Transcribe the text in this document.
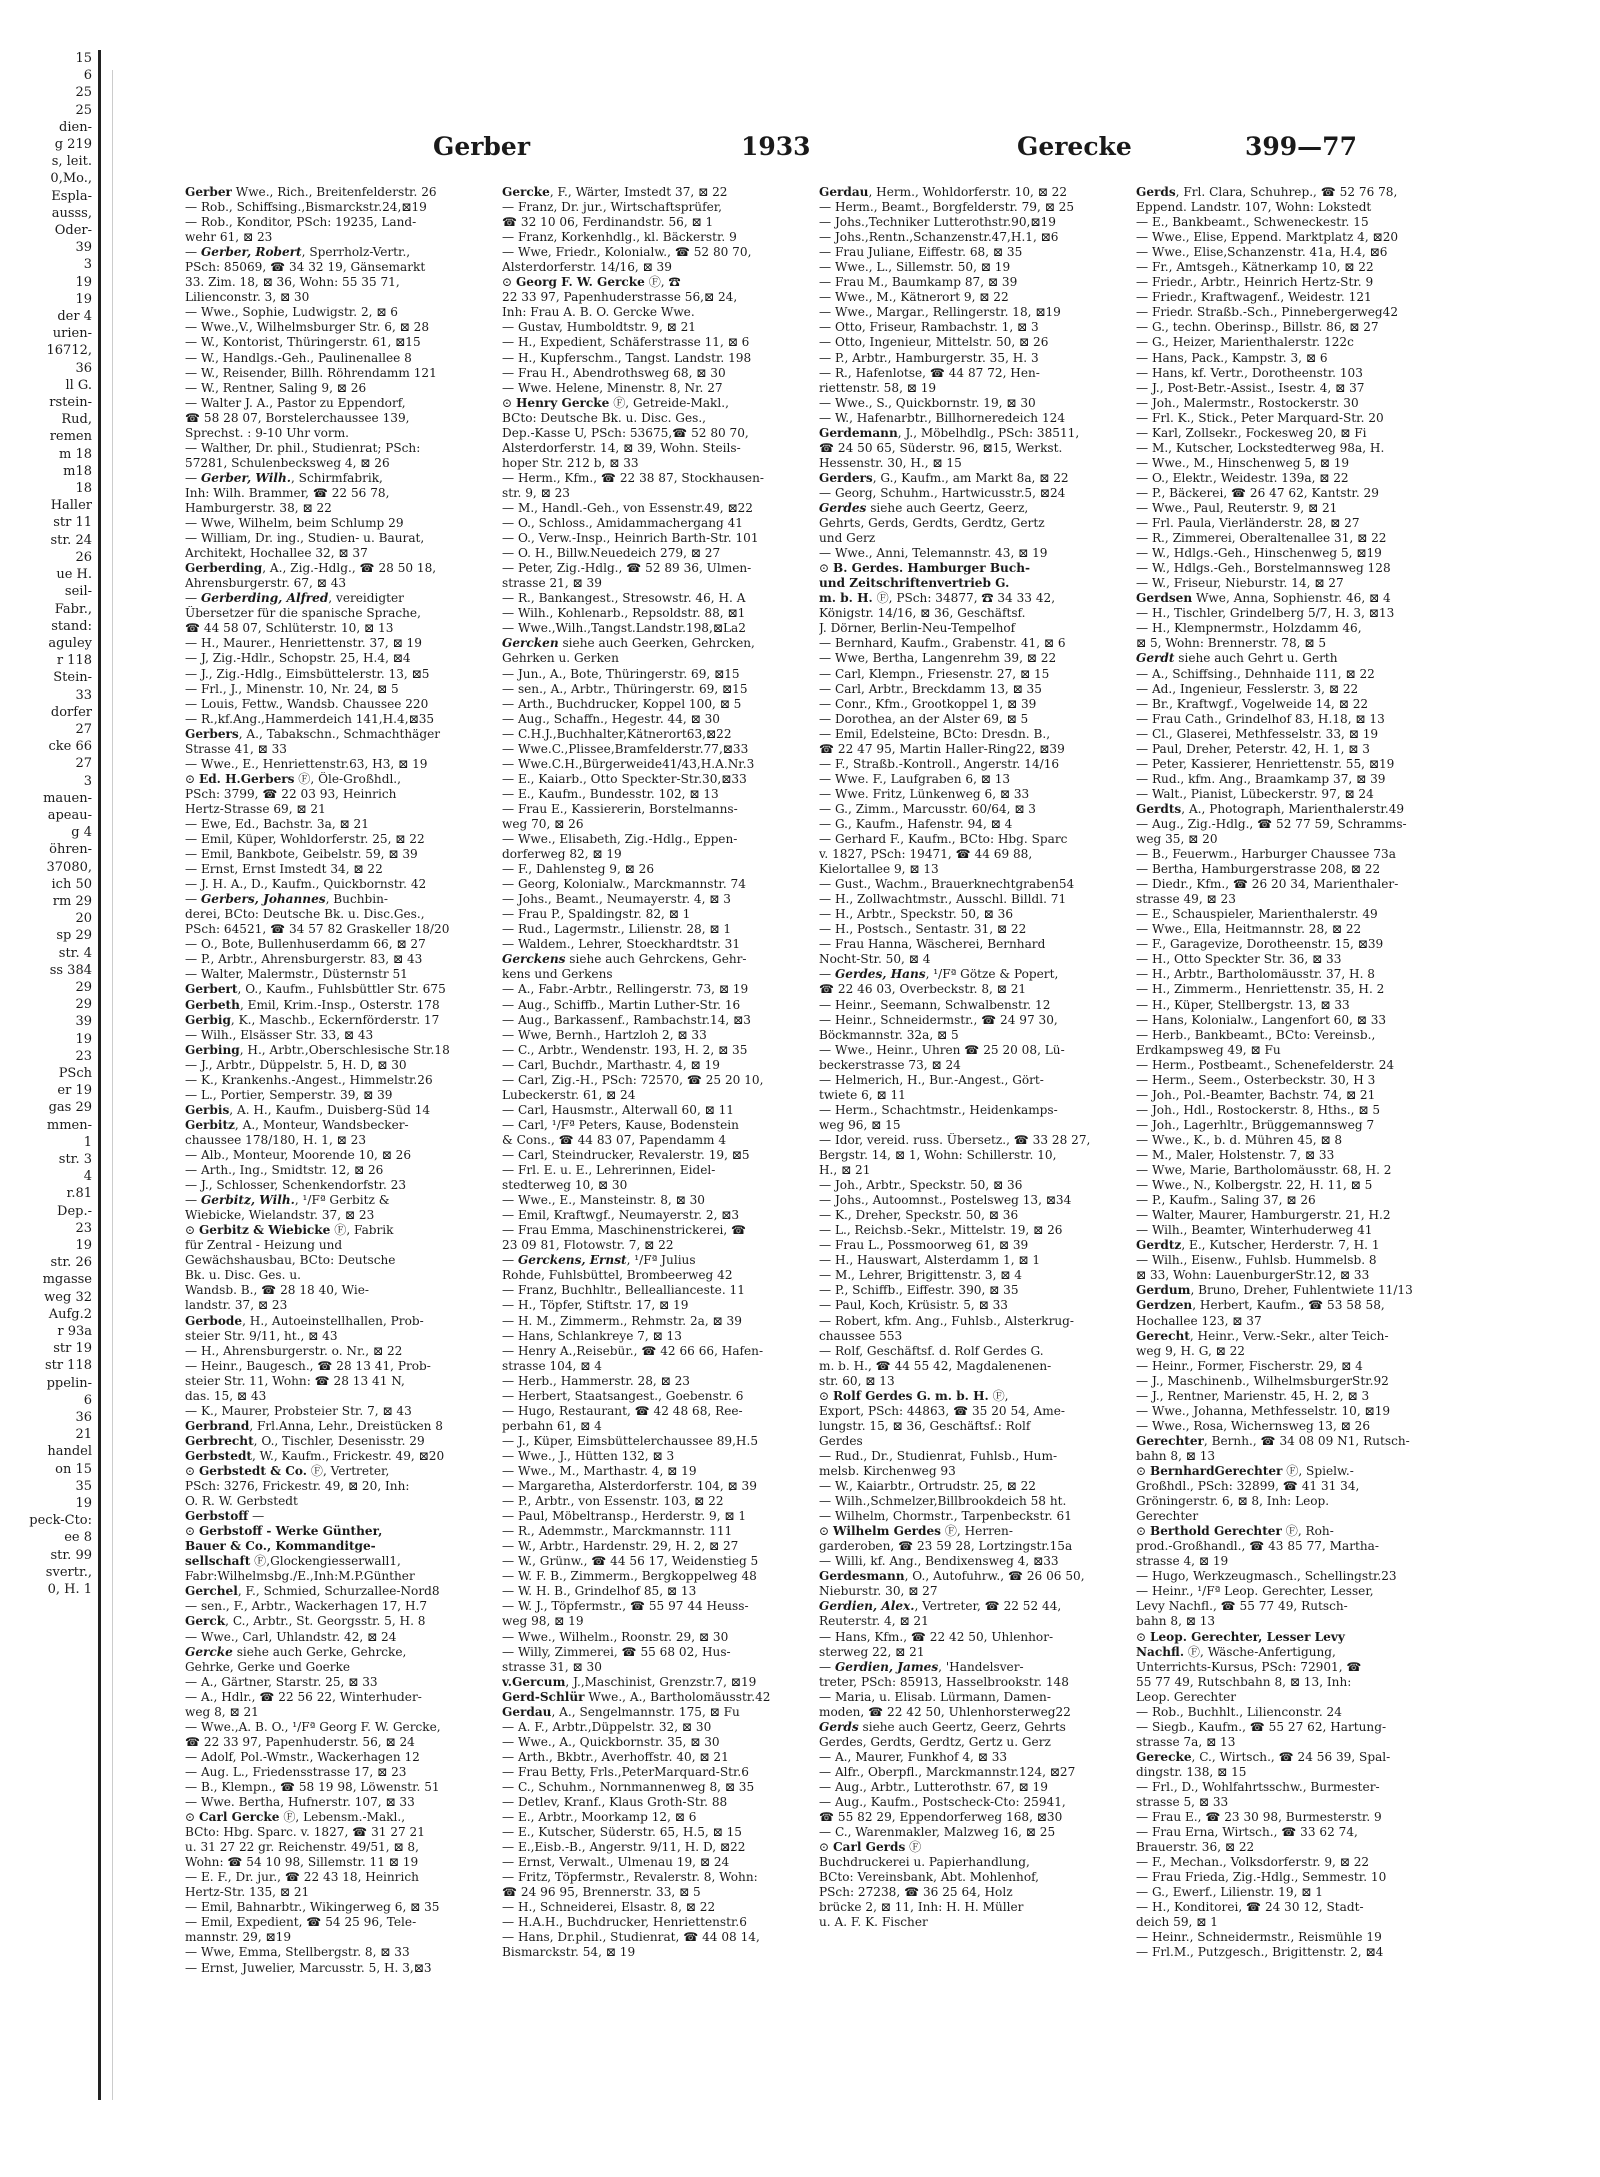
15
6
25
25
dien-
g 219
s, leit.
0,Mo.,
Espla-
ausss,
Oder-
39
3
19
19
der 4
urien-
16712,
36
ll G.
rstein-
Rud,
remen
m 18
m18
18
Haller
str 11
str. 24
26
ue H.
seil-
Fabr.,
stand:
aguley
r 118
Stein-
33
dorfer
27
cke 66
27
3
mauen-
apeau-
g 4
öhren-
37080,
ich 50
rm 29
20
sp 29
str. 4
ss 384
29
29
39
19
23
PSch
er 19
gas 29
mmen-
1
str. 3
4
r.81
Dep.-
23
19
str. 26
mgasse
weg 32
Aufg.2
r 93a
str 19
str 118
ppelin-
6
36
21
handel
on 15
35
19
peck-Cto:
ee 8
str. 99
svertr.,
0, H. 1
Gerber	1933	Gerecke	399—77
Gerber Wwe., Rich., Breitenfelderstr. 26
— Rob., Schiffsing.,Bismarckstr.24,⊠19
— Rob., Konditor, PSch: 19235, Land-
wehr 61, ⊠ 23
— Gerber, Robert, Sperrholz-Vertr.,
PSch: 85069, ☎ 34 32 19, Gänsemarkt
33. Zim. 18, ⊠ 36, Wohn: 55 35 71,
Lilienconstr. 3, ⊠ 30
— Wwe., Sophie, Ludwigstr. 2, ⊠ 6
— Wwe.,V., Wilhelmsburger Str. 6, ⊠ 28
— W., Kontorist, Thüringerstr. 61, ⊠15
— W., Handlgs.-Geh., Paulinenallee 8
— W., Reisender, Billh. Röhrendamm 121
— W., Rentner, Saling 9, ⊠ 26
— Walter J. A., Pastor zu Eppendorf,
☎ 58 28 07, Borstelerchaussee 139,
Sprechst. : 9-10 Uhr vorm.
— Walther, Dr. phil., Studienrat; PSch:
57281, Schulenbecksweg 4, ⊠ 26
— Gerber, Wilh., Schirmfabrik,
Inh: Wilh. Brammer, ☎ 22 56 78,
Hamburgerstr. 38, ⊠ 22
— Wwe, Wilhelm, beim Schlump 29
— William, Dr. ing., Studien- u. Baurat,
Architekt, Hochallee 32, ⊠ 37
Gerberding, A., Zig.-Hdlg., ☎ 28 50 18,
Ahrensburgerstr. 67, ⊠ 43
— Gerberding, Alfred, vereidigter
Übersetzer für die spanische Sprache,
☎ 44 58 07, Schlüterstr. 10, ⊠ 13
— H., Maurer., Henriettenstr. 37, ⊠ 19
— J, Zig.-Hdlr., Schopstr. 25, H.4, ⊠4
— J., Zig.-Hdlg., Eimsbüttelerstr. 13, ⊠5
— Frl., J., Minenstr. 10, Nr. 24, ⊠ 5
— Louis, Fettw., Wandsb. Chaussee 220
— R.,kf.Ang.,Hammerdeich 141,H.4,⊠35
Gerbers, A., Tabakschn., Schmachthäger
Strasse 41, ⊠ 33
— Wwe., E., Henriettenstr.63, H3, ⊠ 19
⊙ Ed. H.Gerbers Ⓕ, Öle-Großhdl.,
PSch: 3799, ☎ 22 03 93, Heinrich
Hertz-Strasse 69, ⊠ 21
— Ewe, Ed., Bachstr. 3a, ⊠ 21
— Emil, Küper, Wohldorferstr. 25, ⊠ 22
— Emil, Bankbote, Geibelstr. 59, ⊠ 39
— Ernst, Ernst Imstedt 34, ⊠ 22
— J. H. A., D., Kaufm., Quickbornstr. 42
— Gerbers, Johannes, Buchbin-
derei, BCto: Deutsche Bk. u. Disc.Ges.,
PSch: 64521, ☎ 34 57 82 Graskeller 18/20
— O., Bote, Bullenhuserdamm 66, ⊠ 27
— P., Arbtr., Ahrensburgerstr. 83, ⊠ 43
— Walter, Malermstr., Düsternstr 51
Gerbert, O., Kaufm., Fuhlsbüttler Str. 675
Gerbeth, Emil, Krim.-Insp., Osterstr. 178
Gerbig, K., Maschb., Eckernförderstr. 17
— Wilh., Elsässer Str. 33, ⊠ 43
Gerbing, H., Arbtr.,Oberschlesische Str.18
— J., Arbtr., Düppelstr. 5, H. D, ⊠ 30
— K., Krankenhs.-Angest., Himmelstr.26
— L., Portier, Semperstr. 39, ⊠ 39
Gerbis, A. H., Kaufm., Duisberg-Süd 14
Gerbitz, A., Monteur, Wandsbecker-
chaussee 178/180, H. 1, ⊠ 23
— Alb., Monteur, Moorende 10, ⊠ 26
— Arth., Ing., Smidtstr. 12, ⊠ 26
— J., Schlosser, Schenkendorfstr. 23
— Gerbitz, Wilh., ¹/Fª Gerbitz &
Wiebicke, Wielandstr. 37, ⊠ 23
⊙ Gerbitz & Wiebicke Ⓕ, Fabrik
für Zentral - Heizung und
Gewächshausbau, BCto: Deutsche
Bk. u. Disc. Ges. u.
Wandsb. B., ☎ 28 18 40, Wie-
landstr. 37, ⊠ 23
Gerbode, H., Autoeinstellhallen, Prob-
steier Str. 9/11, ht., ⊠ 43
— H., Ahrensburgerstr. o. Nr., ⊠ 22
— Heinr., Baugesch., ☎ 28 13 41, Prob-
steier Str. 11, Wohn: ☎ 28 13 41 N,
das. 15, ⊠ 43
— K., Maurer, Probsteier Str. 7, ⊠ 43
Gerbrand, Frl.Anna, Lehr., Dreistücken 8
Gerbrecht, O., Tischler, Desenisstr. 29
Gerbstedt, W., Kaufm., Frickestr. 49, ⊠20
⊙ Gerbstedt & Co. Ⓕ, Vertreter,
PSch: 3276, Frickestr. 49, ⊠ 20, Inh:
O. R. W. Gerbstedt
Gerbstoff —
⊙ Gerbstoff - Werke Günther,
Bauer & Co., Kommanditge-
sellschaft Ⓕ,Glockengiesserwall1,
Fabr:Wilhelmsbg./E.,Inh:M.P.Günther
Gerchel, F., Schmied, Schurzallee-Nord8
— sen., F., Arbtr., Wackerhagen 17, H.7
Gerck, C., Arbtr., St. Georgsstr. 5, H. 8
— Wwe., Carl, Uhlandstr. 42, ⊠ 24
Gercke siehe auch Gerke, Gehrcke,
Gehrke, Gerke und Goerke
— A., Gärtner, Starstr. 25, ⊠ 33
— A., Hdlr., ☎ 22 56 22, Winterhuder-
weg 8, ⊠ 21
— Wwe.,A. B. O., ¹/Fª Georg F. W. Gercke,
☎ 22 33 97, Papenhuderstr. 56, ⊠ 24
— Adolf, Pol.-Wmstr., Wackerhagen 12
— Aug. L., Friedensstrasse 17, ⊠ 23
— B., Klempn., ☎ 58 19 98, Löwenstr. 51
— Wwe. Bertha, Hufnerstr. 107, ⊠ 33
⊙ Carl Gercke Ⓕ, Lebensm.-Makl.,
BCto: Hbg. Sparc. v. 1827, ☎ 31 27 21
u. 31 27 22 gr. Reichenstr. 49/51, ⊠ 8,
Wohn: ☎ 54 10 98, Sillemstr. 11 ⊠ 19
— E. F., Dr. jur., ☎ 22 43 18, Heinrich
Hertz-Str. 135, ⊠ 21
— Emil, Bahnarbtr., Wikingerweg 6, ⊠ 35
— Emil, Expedient, ☎ 54 25 96, Tele-
mannstr. 29, ⊠19
— Wwe, Emma, Stellbergstr. 8, ⊠ 33
— Ernst, Juwelier, Marcusstr. 5, H. 3,⊠3
Gercke, F., Wärter, Imstedt 37, ⊠ 22
— Franz, Dr. jur., Wirtschaftsprüfer,
☎ 32 10 06, Ferdinandstr. 56, ⊠ 1
— Franz, Korkenhdlg., kl. Bäckerstr. 9
— Wwe, Friedr., Kolonialw., ☎ 52 80 70,
Alsterdorferstr. 14/16, ⊠ 39
⊙ Georg F. W. Gercke Ⓕ, ☎
22 33 97, Papenhuderstrasse 56,⊠ 24,
Inh: Frau A. B. O. Gercke Wwe.
— Gustav, Humboldtstr. 9, ⊠ 21
— H., Expedient, Schäferstrasse 11, ⊠ 6
— H., Kupferschm., Tangst. Landstr. 198
— Frau H., Abendrothsweg 68, ⊠ 30
— Wwe. Helene, Minenstr. 8, Nr. 27
⊙ Henry Gercke Ⓕ, Getreide-Makl.,
BCto: Deutsche Bk. u. Disc. Ges.,
Dep.-Kasse U, PSch: 53675,☎ 52 80 70,
Alsterdorferstr. 14, ⊠ 39, Wohn. Steils-
hoper Str. 212 b, ⊠ 33
— Herm., Kfm., ☎ 22 38 87, Stockhausen-
str. 9, ⊠ 23
— M., Handl.-Geh., von Essenstr.49, ⊠22
— O., Schloss., Amidammachergang 41
— O., Verw.-Insp., Heinrich Barth-Str. 101
— O. H., Billw.Neuedeich 279, ⊠ 27
— Peter, Zig.-Hdlg., ☎ 52 89 36, Ulmen-
strasse 21, ⊠ 39
— R., Bankangest., Stresowstr. 46, H. A
— Wilh., Kohlenarb., Repsoldstr. 88, ⊠1
— Wwe.,Wilh.,Tangst.Landstr.198,⊠La2
Gercken siehe auch Geerken, Gehrcken,
Gehrken u. Gerken
— Jun., A., Bote, Thüringerstr. 69, ⊠15
— sen., A., Arbtr., Thüringerstr. 69, ⊠15
— Arth., Buchdrucker, Koppel 100, ⊠ 5
— Aug., Schaffn., Hegestr. 44, ⊠ 30
— C.H.J.,Buchhalter,Kätnerort63,⊠22
— Wwe.C.,Plissee,Bramfelderstr.77,⊠33
— Wwe.C.H.,Bürgerweide41/43,H.A.Nr.3
— E., Kaiarb., Otto Speckter-Str.30,⊠33
— E., Kaufm., Bundesstr. 102, ⊠ 13
— Frau E., Kassiererin, Borstelmanns-
weg 70, ⊠ 26
— Wwe., Elisabeth, Zig.-Hdlg., Eppen-
dorferweg 82, ⊠ 19
— F., Dahlensteg 9, ⊠ 26
— Georg, Kolonialw., Marckmannstr. 74
— Johs., Beamt., Neumayerstr. 4, ⊠ 3
— Frau P., Spaldingstr. 82, ⊠ 1
— Rud., Lagermstr., Lilienstr. 28, ⊠ 1
— Waldem., Lehrer, Stoeckhardtstr. 31
Gerckens siehe auch Gehrckens, Gehr-
kens und Gerkens
— A., Fabr.-Arbtr., Rellingerstr. 73, ⊠ 19
— Aug., Schiffb., Martin Luther-Str. 16
— Aug., Barkassenf., Rambachstr.14, ⊠3
— Wwe, Bernh., Hartzloh 2, ⊠ 33
— C., Arbtr., Wendenstr. 193, H. 2, ⊠ 35
— Carl, Buchdr., Marthastr. 4, ⊠ 19
— Carl, Zig.-H., PSch: 72570, ☎ 25 20 10,
Lubeckerstr. 61, ⊠ 24
— Carl, Hausmstr., Alterwall 60, ⊠ 11
— Carl, ¹/Fª Peters, Kause, Bodenstein
& Cons., ☎ 44 83 07, Papendamm 4
— Carl, Steindrucker, Revalerstr. 19, ⊠5
— Frl. E. u. E., Lehrerinnen, Eidel-
stedterweg 10, ⊠ 30
— Wwe., E., Mansteinstr. 8, ⊠ 30
— Emil, Kraftwgf., Neumayerstr. 2, ⊠3
— Frau Emma, Maschinenstrickerei, ☎
23 09 81, Flotowstr. 7, ⊠ 22
— Gerckens, Ernst, ¹/Fª Julius
Rohde, Fuhlsbüttel, Brombeerweg 42
— Franz, Buchhltr., Belleallianceste. 11
— H., Töpfer, Stiftstr. 17, ⊠ 19
— H. M., Zimmerm., Rehmstr. 2a, ⊠ 39
— Hans, Schlankreye 7, ⊠ 13
— Henry A.,Reisebür., ☎ 42 66 66, Hafen-
strasse 104, ⊠ 4
— Herb., Hammerstr. 28, ⊠ 23
— Herbert, Staatsangest., Goebenstr. 6
— Hugo, Restaurant, ☎ 42 48 68, Ree-
perbahn 61, ⊠ 4
— J., Küper, Eimsbüttelerchaussee 89,H.5
— Wwe., J., Hütten 132, ⊠ 3
— Wwe., M., Marthastr. 4, ⊠ 19
— Margaretha, Alsterdorferstr. 104, ⊠ 39
— P., Arbtr., von Essenstr. 103, ⊠ 22
— Paul, Möbeltransp., Herderstr. 9, ⊠ 1
— R., Ademmstr., Marckmannstr. 111
— W., Arbtr., Hardenstr. 29, H. 2, ⊠ 27
— W., Grünw., ☎ 44 56 17, Weidenstieg 5
— W. F. B., Zimmerm., Bergkoppelweg 48
— W. H. B., Grindelhof 85, ⊠ 13
— W. J., Töpfermstr., ☎ 55 97 44 Heuss-
weg 98, ⊠ 19
— Wwe., Wilhelm., Roonstr. 29, ⊠ 30
— Willy, Zimmerei, ☎ 55 68 02, Hus-
strasse 31, ⊠ 30
v.Gercum, J.,Maschinist, Grenzstr.7, ⊠19
Gerd-Schlür Wwe., A., Bartholomäusstr.42
Gerdau, A., Sengelmannstr. 175, ⊠ Fu
— A. F., Arbtr.,Düppelstr. 32, ⊠ 30
— Wwe., A., Quickbornstr. 35, ⊠ 30
— Arth., Bkbtr., Averhoffstr. 40, ⊠ 21
— Frau Betty, Frls.,PeterMarquard-Str.6
— C., Schuhm., Nornmannenweg 8, ⊠ 35
— Detlev, Kranf., Klaus Groth-Str. 88
— E., Arbtr., Moorkamp 12, ⊠ 6
— E., Kutscher, Süderstr. 65, H.5, ⊠ 15
— E.,Eisb.-B., Angerstr. 9/11, H. D, ⊠22
— Ernst, Verwalt., Ulmenau 19, ⊠ 24
— Fritz, Töpfermstr., Revalerstr. 8, Wohn:
☎ 24 96 95, Brennerstr. 33, ⊠ 5
— H., Schneiderei, Elsastr. 8, ⊠ 22
— H.A.H., Buchdrucker, Henriettenstr.6
— Hans, Dr.phil., Studienrat, ☎ 44 08 14,
Bismarckstr. 54, ⊠ 19
Gerdau, Herm., Wohldorferstr. 10, ⊠ 22
— Herm., Beamt., Borgfelderstr. 79, ⊠ 25
— Johs.,Techniker Lutterothstr.90,⊠19
— Johs.,Rentn.,Schanzenstr.47,H.1, ⊠6
— Frau Juliane, Eiffestr. 68, ⊠ 35
— Wwe., L., Sillemstr. 50, ⊠ 19
— Frau M., Baumkamp 87, ⊠ 39
— Wwe., M., Kätnerort 9, ⊠ 22
— Wwe., Margar., Rellingerstr. 18, ⊠19
— Otto, Friseur, Rambachstr. 1, ⊠ 3
— Otto, Ingenieur, Mittelstr. 50, ⊠ 26
— P., Arbtr., Hamburgerstr. 35, H. 3
— R., Hafenlotse, ☎ 44 87 72, Hen-
riettenstr. 58, ⊠ 19
— Wwe., S., Quickbornstr. 19, ⊠ 30
— W., Hafenarbtr., Billhorneredeich 124
Gerdemann, J., Möbelhdlg., PSch: 38511,
☎ 24 50 65, Süderstr. 96, ⊠15, Werkst.
Hessenstr. 30, H., ⊠ 15
Gerders, G., Kaufm., am Markt 8a, ⊠ 22
— Georg, Schuhm., Hartwicusstr.5, ⊠24
Gerdes siehe auch Geertz, Geerz,
Gehrts, Gerds, Gerdts, Gerdtz, Gertz
und Gerz
— Wwe., Anni, Telemannstr. 43, ⊠ 19
⊙ B. Gerdes. Hamburger Buch-
und Zeitschriftenvertrieb G.
m. b. H. Ⓕ, PSch: 34877, ☎ 34 33 42,
Königstr. 14/16, ⊠ 36, Geschäftsf.
J. Dörner, Berlin-Neu-Tempelhof
— Bernhard, Kaufm., Grabenstr. 41, ⊠ 6
— Wwe, Bertha, Langenrehm 39, ⊠ 22
— Carl, Klempn., Friesenstr. 27, ⊠ 15
— Carl, Arbtr., Breckdamm 13, ⊠ 35
— Conr., Kfm., Grootkoppel 1, ⊠ 39
— Dorothea, an der Alster 69, ⊠ 5
— Emil, Edelsteine, BCto: Dresdn. B.,
☎ 22 47 95, Martin Haller-Ring22, ⊠39
— F., Straßb.-Kontroll., Angerstr. 14/16
— Wwe. F., Laufgraben 6, ⊠ 13
— Wwe. Fritz, Lünkenweg 6, ⊠ 33
— G., Zimm., Marcusstr. 60/64, ⊠ 3
— G., Kaufm., Hafenstr. 94, ⊠ 4
— Gerhard F., Kaufm., BCto: Hbg. Sparc
v. 1827, PSch: 19471, ☎ 44 69 88,
Kielortallee 9, ⊠ 13
— Gust., Wachm., Brauerknechtgraben54
— H., Zollwachtmstr., Ausschl. Billdl. 71
— H., Arbtr., Speckstr. 50, ⊠ 36
— H., Postsch., Sentastr. 31, ⊠ 22
— Frau Hanna, Wäscherei, Bernhard
Nocht-Str. 50, ⊠ 4
— Gerdes, Hans, ¹/Fª Götze & Popert,
☎ 22 46 03, Overbeckstr. 8, ⊠ 21
— Heinr., Seemann, Schwalbenstr. 12
— Heinr., Schneidermstr., ☎ 24 97 30,
Böckmannstr. 32a, ⊠ 5
— Wwe., Heinr., Uhren ☎ 25 20 08, Lü-
beckerstrasse 73, ⊠ 24
— Helmerich, H., Bur.-Angest., Gört-
twiete 6, ⊠ 11
— Herm., Schachtmstr., Heidenkamps-
weg 96, ⊠ 15
— Idor, vereid. russ. Übersetz., ☎ 33 28 27,
Bergstr. 14, ⊠ 1, Wohn: Schillerstr. 10,
H., ⊠ 21
— Joh., Arbtr., Speckstr. 50, ⊠ 36
— Johs., Autoomnst., Postelsweg 13, ⊠34
— K., Dreher, Speckstr. 50, ⊠ 36
— L., Reichsb.-Sekr., Mittelstr. 19, ⊠ 26
— Frau L., Possmoorweg 61, ⊠ 39
— H., Hauswart, Alsterdamm 1, ⊠ 1
— M., Lehrer, Brigittenstr. 3, ⊠ 4
— P., Schiffb., Eiffestr. 390, ⊠ 35
— Paul, Koch, Krüsistr. 5, ⊠ 33
— Robert, kfm. Ang., Fuhlsb., Alsterkrug-
chaussee 553
— Rolf, Geschäftsf. d. Rolf Gerdes G.
m. b. H., ☎ 44 55 42, Magdalenenen-
str. 60, ⊠ 13
⊙ Rolf Gerdes G. m. b. H. Ⓕ,
Export, PSch: 44863, ☎ 35 20 54, Ame-
lungstr. 15, ⊠ 36, Geschäftsf.: Rolf
Gerdes
— Rud., Dr., Studienrat, Fuhlsb., Hum-
melsb. Kirchenweg 93
— W., Kaiarbtr., Ortrudstr. 25, ⊠ 22
— Wilh.,Schmelzer,Billbrookdeich 58 ht.
— Wilhelm, Chormstr., Tarpenbeckstr. 61
⊙ Wilhelm Gerdes Ⓕ, Herren-
garderoben, ☎ 23 59 28, Lortzingstr.15a
— Willi, kf. Ang., Bendixensweg 4, ⊠33
Gerdesmann, O., Autofuhrw., ☎ 26 06 50,
Nieburstr. 30, ⊠ 27
Gerdien, Alex., Vertreter, ☎ 22 52 44,
Reuterstr. 4, ⊠ 21
— Hans, Kfm., ☎ 22 42 50, Uhlenhor-
sterweg 22, ⊠ 21
— Gerdien, James, 'Handelsver-
treter, PSch: 85913, Hasselbrookstr. 148
— Maria, u. Elisab. Lürmann, Damen-
moden, ☎ 22 42 50, Uhlenhorsterweg22
Gerds siehe auch Geertz, Geerz, Gehrts
Gerdes, Gerdts, Gerdtz, Gertz u. Gerz
— A., Maurer, Funkhof 4, ⊠ 33
— Alfr., Oberpfl., Marckmannstr.124, ⊠27
— Aug., Arbtr., Lutterothstr. 67, ⊠ 19
— Aug., Kaufm., Postscheck-Cto: 25941,
☎ 55 82 29, Eppendorferweg 168, ⊠30
— C., Warenmakler, Malzweg 16, ⊠ 25
⊙ Carl Gerds Ⓕ
Buchdruckerei u. Papierhandlung,
BCto: Vereinsbank, Abt. Mohlenhof,
PSch: 27238, ☎ 36 25 64, Holz
brücke 2, ⊠ 11, Inh: H. H. Müller
u. A. F. K. Fischer
Gerds, Frl. Clara, Schuhrep., ☎ 52 76 78,
Eppend. Landstr. 107, Wohn: Lokstedt
— E., Bankbeamt., Schweneckestr. 15
— Wwe., Elise, Eppend. Marktplatz 4, ⊠20
— Wwe., Elise,Schanzenstr. 41a, H.4, ⊠6
— Fr., Amtsgeh., Kätnerkamp 10, ⊠ 22
— Friedr., Arbtr., Heinrich Hertz-Str. 9
— Friedr., Kraftwagenf., Weidestr. 121
— Friedr. Straßb.-Sch., Pinnebergerweg42
— G., techn. Oberinsp., Billstr. 86, ⊠ 27
— G., Heizer, Marienthalerstr. 122c
— Hans, Pack., Kampstr. 3, ⊠ 6
— Hans, kf. Vertr., Dorotheenstr. 103
— J., Post-Betr.-Assist., Isestr. 4, ⊠ 37
— Joh., Malermstr., Rostockerstr. 30
— Frl. K., Stick., Peter Marquard-Str. 20
— Karl, Zollsekr., Fockesweg 20, ⊠ Fi
— M., Kutscher, Lockstedterweg 98a, H.
— Wwe., M., Hinschenweg 5, ⊠ 19
— O., Elektr., Weidestr. 139a, ⊠ 22
— P., Bäckerei, ☎ 26 47 62, Kantstr. 29
— Wwe., Paul, Reuterstr. 9, ⊠ 21
— Frl. Paula, Vierländerstr. 28, ⊠ 27
— R., Zimmerei, Oberaltenallee 31, ⊠ 22
— W., Hdlgs.-Geh., Hinschenweg 5, ⊠19
— W., Hdlgs.-Geh., Borstelmannsweg 128
— W., Friseur, Nieburstr. 14, ⊠ 27
Gerdsen Wwe, Anna, Sophienstr. 46, ⊠ 4
— H., Tischler, Grindelberg 5/7, H. 3, ⊠13
— H., Klempnermstr., Holzdamm 46,
⊠ 5, Wohn: Brennerstr. 78, ⊠ 5
Gerdt siehe auch Gehrt u. Gerth
— A., Schiffsing., Dehnhaide 111, ⊠ 22
— Ad., Ingenieur, Fesslerstr. 3, ⊠ 22
— Br., Kraftwgf., Vogelweide 14, ⊠ 22
— Frau Cath., Grindelhof 83, H.18, ⊠ 13
— Cl., Glaserei, Methfesselstr. 33, ⊠ 19
— Paul, Dreher, Peterstr. 42, H. 1, ⊠ 3
— Peter, Kassierer, Henriettenstr. 55, ⊠19
— Rud., kfm. Ang., Braamkamp 37, ⊠ 39
— Walt., Pianist, Lübeckerstr. 97, ⊠ 24
Gerdts, A., Photograph, Marienthalerstr.49
— Aug., Zig.-Hdlg., ☎ 52 77 59, Schramms-
weg 35, ⊠ 20
— B., Feuerwm., Harburger Chaussee 73a
— Bertha, Hamburgerstrasse 208, ⊠ 22
— Diedr., Kfm., ☎ 26 20 34, Marienthaler-
strasse 49, ⊠ 23
— E., Schauspieler, Marienthalerstr. 49
— Wwe., Ella, Heitmannstr. 28, ⊠ 22
— F., Garagevize, Dorotheenstr. 15, ⊠39
— H., Otto Speckter Str. 36, ⊠ 33
— H., Arbtr., Bartholomäusstr. 37, H. 8
— H., Zimmerm., Henriettenstr. 35, H. 2
— H., Küper, Stellbergstr. 13, ⊠ 33
— Hans, Kolonialw., Langenfort 60, ⊠ 33
— Herb., Bankbeamt., BCto: Vereinsb.,
Erdkampsweg 49, ⊠ Fu
— Herm., Postbeamt., Schenefelderstr. 24
— Herm., Seem., Osterbeckstr. 30, H 3
— Joh., Pol.-Beamter, Bachstr. 74, ⊠ 21
— Joh., Hdl., Rostockerstr. 8, Hths., ⊠ 5
— Joh., Lagerhltr., Brüggemannsweg 7
— Wwe., K., b. d. Mühren 45, ⊠ 8
— M., Maler, Holstenstr. 7, ⊠ 33
— Wwe, Marie, Bartholomäusstr. 68, H. 2
— Wwe., N., Kolbergstr. 22, H. 11, ⊠ 5
— P., Kaufm., Saling 37, ⊠ 26
— Walter, Maurer, Hamburgerstr. 21, H.2
— Wilh., Beamter, Winterhuderweg 41
Gerdtz, E., Kutscher, Herderstr. 7, H. 1
— Wilh., Eisenw., Fuhlsb. Hummelsb. 8
⊠ 33, Wohn: LauenburgerStr.12, ⊠ 33
Gerdum, Bruno, Dreher, Fuhlentwiete 11/13
Gerdzen, Herbert, Kaufm., ☎ 53 58 58,
Hochallee 123, ⊠ 37
Gerecht, Heinr., Verw.-Sekr., alter Teich-
weg 9, H. G, ⊠ 22
— Heinr., Former, Fischerstr. 29, ⊠ 4
— J., Maschinenb., WilhelmsburgerStr.92
— J., Rentner, Marienstr. 45, H. 2, ⊠ 3
— Wwe., Johanna, Methfesselstr. 10, ⊠19
— Wwe., Rosa, Wichernsweg 13, ⊠ 26
Gerechter, Bernh., ☎ 34 08 09 N1, Rutsch-
bahn 8, ⊠ 13
⊙ BernhardGerechter Ⓕ, Spielw.-
Großhdl., PSch: 32899, ☎ 41 31 34,
Gröningerstr. 6, ⊠ 8, Inh: Leop.
Gerechter
⊙ Berthold Gerechter Ⓕ, Roh-
prod.-Großhandl., ☎ 43 85 77, Martha-
strasse 4, ⊠ 19
— Hugo, Werkzeugmasch., Schellingstr.23
— Heinr., ¹/Fª Leop. Gerechter, Lesser,
Levy Nachfl., ☎ 55 77 49, Rutsch-
bahn 8, ⊠ 13
⊙ Leop. Gerechter, Lesser Levy
Nachfl. Ⓕ, Wäsche-Anfertigung,
Unterrichts-Kursus, PSch: 72901, ☎
55 77 49, Rutschbahn 8, ⊠ 13, Inh:
Leop. Gerechter
— Rob., Buchhlt., Lilienconstr. 24
— Siegb., Kaufm., ☎ 55 27 62, Hartung-
strasse 7a, ⊠ 13
Gerecke, C., Wirtsch., ☎ 24 56 39, Spal-
dingstr. 138, ⊠ 15
— Frl., D., Wohlfahrtsschw., Burmester-
strasse 5, ⊠ 33
— Frau E., ☎ 23 30 98, Burmesterstr. 9
— Frau Erna, Wirtsch., ☎ 33 62 74,
Brauerstr. 36, ⊠ 22
— F., Mechan., Volksdorferstr. 9, ⊠ 22
— Frau Frieda, Zig.-Hdlg., Semmestr. 10
— G., Ewerf., Lilienstr. 19, ⊠ 1
— H., Konditorei, ☎ 24 30 12, Stadt-
deich 59, ⊠ 1
— Heinr., Schneidermstr., Reismühle 19
— Frl.M., Putzgesch., Brigittenstr. 2, ⊠4
